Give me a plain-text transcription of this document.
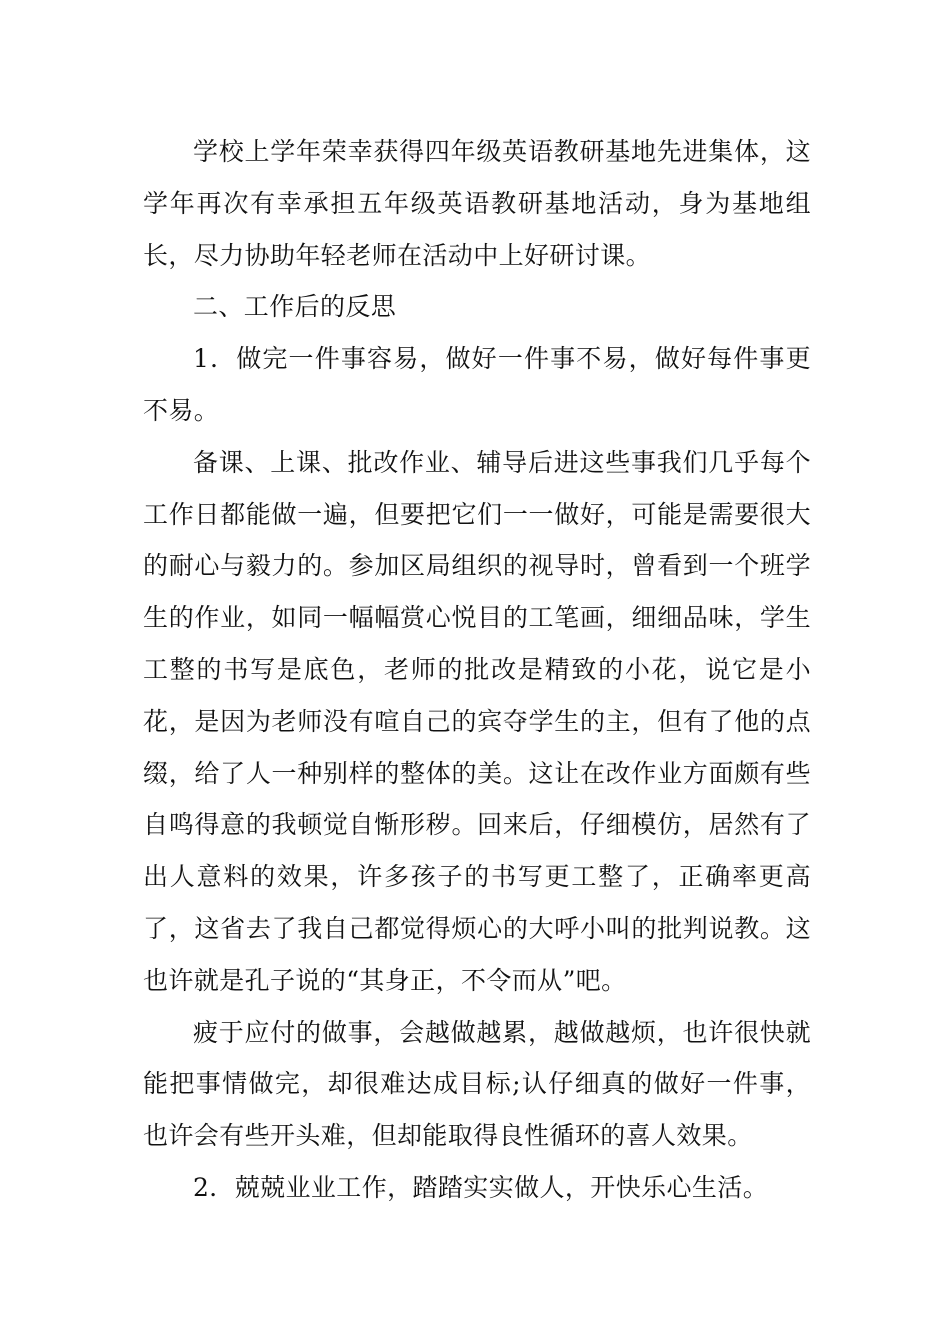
学校上学年荣幸获得四年级英语教研基地先进集体，这学年再次有幸承担五年级英语教研基地活动，身为基地组长，尽力协助年轻老师在活动中上好研讨课。

二、工作后的反思

1．做完一件事容易，做好一件事不易，做好每件事更不易。

备课、上课、批改作业、辅导后进这些事我们几乎每个工作日都能做一遍，但要把它们一一做好，可能是需要很大的耐心与毅力的。参加区局组织的视导时，曾看到一个班学生的作业，如同一幅幅赏心悦目的工笔画，细细品味，学生工整的书写是底色，老师的批改是精致的小花，说它是小花，是因为老师没有喧自己的宾夺学生的主，但有了他的点缀，给了人一种别样的整体的美。这让在改作业方面颇有些自鸣得意的我顿觉自惭形秽。回来后，仔细模仿，居然有了出人意料的效果，许多孩子的书写更工整了，正确率更高了，这省去了我自己都觉得烦心的大呼小叫的批判说教。这也许就是孔子说的“其身正，不令而从”吧。

疲于应付的做事，会越做越累，越做越烦，也许很快就能把事情做完，却很难达成目标;认仔细真的做好一件事，也许会有些开头难，但却能取得良性循环的喜人效果。

2．兢兢业业工作，踏踏实实做人，开快乐心生活。
